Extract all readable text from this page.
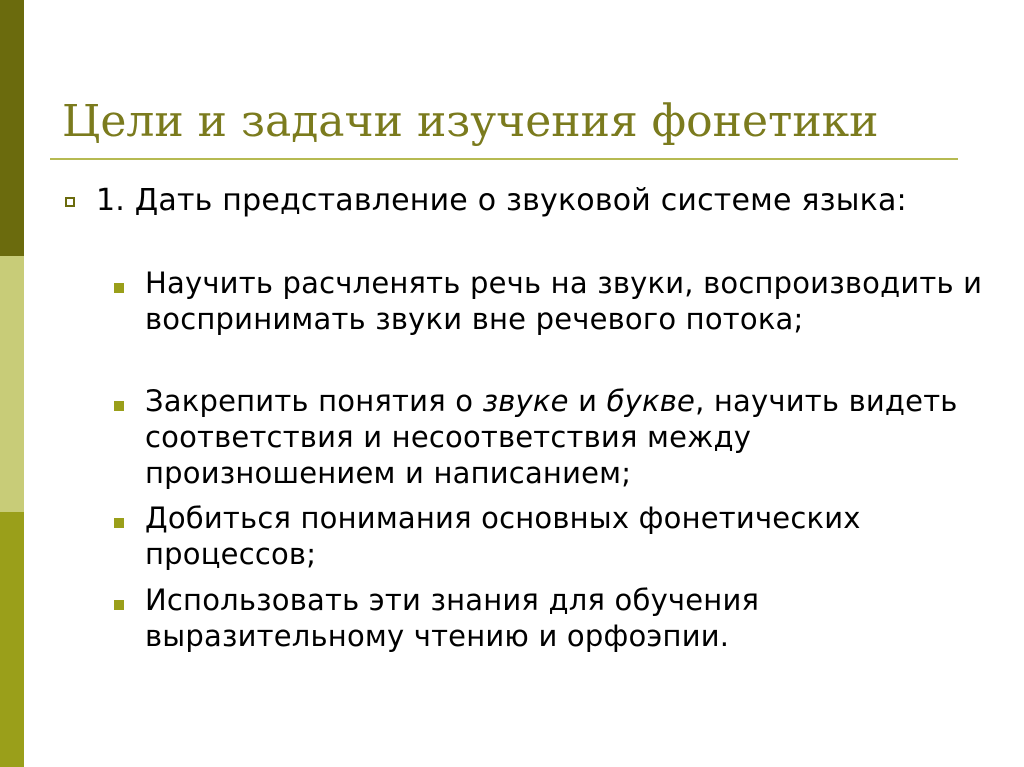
Цели и задачи изучения фонетики
1. Дать представление о звуковой системе языка:
Научить расчленять речь на звуки, воспроизводить и воспринимать звуки вне речевого потока;
Закрепить понятия о звуке и букве, научить видеть соответствия и несоответствия между произношением и написанием;
Добиться понимания основных фонетических процессов;
Использовать эти знания для обучения выразительному чтению и орфоэпии.
